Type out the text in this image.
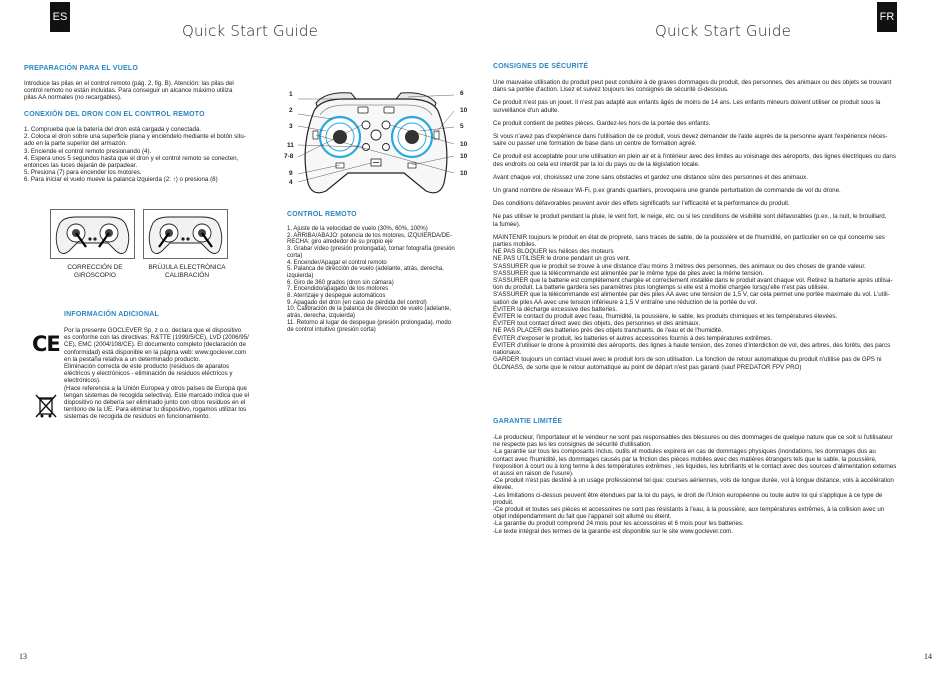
ES
Quick Start Guide
PREPARACIÓN PARA EL VUELO
Introduce las pilas en el control remoto (pág. 2, fig. B). Atención: las pilas del
control remoto no están incluidas. Para conseguir un alcance máximo utiliza
pilas AA normales (no recargables).
CONEXIÓN DEL DRON CON EL CONTROL REMOTO
1. Comprueba que la batería del dron está cargada y conectada.
2. Coloca el dron sobre una superficie plana y enciéndelo mediante el botón situ-
ado en la parte superior del armazón.
3. Enciende el control remoto presionando (4).
4. Espera unos 5 segundos hasta que el dron y el control remoto se conecten,
entonces las luces dejarán de parpadear.
5. Presiona (7) para encender los motores.
6. Para iniciar el vuelo mueve la palanca izquierda (2: ↑) o presiona (8)
CORRECCIÓN DE
GIROSCOPIO
BRÚJULA ELECTRÓNICA
CALIBRACIÓN
INFORMACIÓN ADICIONAL
CE
Por la presente GOCLEVER Sp. z o.o. declara que el dispositivo
es conforme con las directivas: R&TTE (1999/5/CE), LVD (2006/95/
CE), EMC (2004/108/CE). El documento completo (declaración de
conformidad) está disponible en la página web: www.goclever.com
en la pestaña relativa a un determinado producto.
Eliminación correcta de este producto (residuos de aparatos
eléctricos y electrónicos - eliminación de residuos eléctricos y
electrónicos).
(Hace referencia a la Unión Europea y otros países de Europa que
tengan sistemas de recogida selectiva). Este marcado indica que el
dispositivo no debería ser eliminado junto con otros residuos en el
territorio de la UE. Para eliminar tu dispositivo, rogamos utilizar los
sistemas de recogida de residuos en funcionamiento.
13
1
2
3
11
7-8
9
4
6
10
5
10
10
10
CONTROL REMOTO
1. Ajuste de la velocidad de vuelo (30%, 60%, 100%)
2. ARRIBA/ABAJO: potencia de los motores, IZQUIERDA/DE-
RECHA: giro alrededor de su propio eje
3. Grabar vídeo (presión prolongada), tomar fotografía (presión
corta)
4. Encender/Apagar el control remoto
5. Palanca de dirección de vuelo (adelante, atrás, derecha,
izquierda)
6. Giro de 360 grados (dron sin cámara)
7. Encendido/apagado de los motores
8. Aterrizaje y despegue automáticos
9. Apagado del dron (en caso de pérdida del control)
10. Calibración de la palanca de dirección de vuelo (adelante,
atrás, derecha, izquierda)
11. Retorno al lugar de despegue (presión prolongada), modo
de control intuitivo (presión corta)
FR
Quick Start Guide
CONSIGNES DE SÉCURITÉ

Une mauvaise utilisation du produit peut peut conduire à de graves dommages du produit, des personnes, des animaux ou des objets se trouvant
dans sa portée d'action. Lisez et suivez toujours les consignes de sécurité ci-dessous.

Ce produit n'est pas un jouet. Il n'est pas adapté aux enfants âgés de moins de 14 ans. Les enfants mineurs doivent utiliser ce produit sous la
surveillance d'un adulte.

Ce produit contient de petites pièces. Gardez-les hors de la portée des enfants.

Si vous n'avez pas d'expérience dans l'utilisation de ce produit, vous devez demander de l'aide auprès de la personne ayant l'expérience néces-
saire ou passer une formation de base dans un centre de formation agréé.

Ce produit est acceptable pour une utilisation en plein air et à l'intérieur avec des limites au voisinage des aéroports, des lignes électriques ou dans
des endroits où cela est interdit par la loi du pays ou de la législation locale.

Avant chaque vol, choisissez une zone sans obstacles et gardez une distance sûre des personnes et des animaux.

Un grand nombre de réseaux Wi-Fi, p.ex grands quartiers, provoquera une grande perturbation de commande de vol du drone.

Des conditions défavorables peuvent avoir des effets significatifs sur l'efficacité et la performance du produit.

Ne pas utiliser le produit pendant la pluie, le vent fort, le neige, etc. ou si les conditions de visibilité sont défavorables (p.ex., la nuit, le brouillard,
la fumée).

MAINTENIR toujours le produit en état de propreté, sans traces de sable, de la poussière et de l'humidité, en particulier en ce qui concerne ses
parties mobiles.
NE PAS BLOQUER les hélices des moteurs
NE PAS UTILISER le drone pendant un gros vent.
S'ASSURER que le produit se trouve à une distance d'au moins 3 mètres des personnes, des animaux ou des choses de grande valeur.
S'ASSURER que la télécommande est alimentée par le même type de piles avec la même tension.
S'ASSURER que la batterie est complètement chargée et correctement installée dans le produit avant chaque vol. Retirez la batterie après utilisa-
tion du produit. La batterie gardera ses paramètres plus longtemps si elle est à moitié chargée lorsqu'elle n'est pas utilisée.
S'ASSURER que la télécommande est alimentée par des piles AA avec une tension de 1,5 V, car cela permet une portée maximale du vol. L'utili-
sation de piles AA avec une tension inférieure à 1,5 V entraîne une réduction de la portée du vol.
ÉVITER la décharge excessive des batteries.
ÉVITER le contact du produit avec l'eau, l'humidité, la poussière, le sable, les produits chimiques et les températures élevées.
ÉVITER tout contact direct avec des objets, des personnes et des animaux.
NE PAS PLACER des batteries près des objets tranchants, de l'eau et de l'humidité.
ÉVITER d'exposer le produit, les batteries et autres accessoires fournis à des températures extrêmes.
ÉVITER d'utiliser le drone à proximité des aéroports, des lignes à haute tension, des zones d'interdiction de vol, des arbres, des forêts, des parcs
nationaux.
GARDER toujours un contact visuel avec le produit lors de son utilisation. La fonction de retour automatique du produit n'utilise pas de GPS ni
GLONASS, de sorte que le retour automatique au point de départ n'est pas garanti (sauf PREDATOR FPV PRO)
GARANTIE LIMITÉE
-Le producteur, l'importateur et le vendeur ne sont pas responsables des blessures ou des dommages de quelque nature que ce soit si l'utilisateur
ne respecte pas les les consignes de sécurité d'utilisation.
-La garantie sur tous les composants inclus, outils et modules expirera en cas de dommages physiques (inondations, les dommages dus au
contact avec l'humidité, les dommages causés par la friction des pièces mobiles avec des matières étrangers tels que le sable, la poussière,
l'exposition à court ou à long terme à des températures extrêmes , les liquides, les lubrifiants et le contact avec des sources d'alimentation externes
et aussi en raison de l'usure).
-Ce produit n'est pas destiné à un usage professionnel tel que: courses aériennes, vols de longue durée, vol à longue distance, vols à accélération
élevée.
-Les limitations ci-dessus peuvent être étendues par la loi du pays, le droit de l'Union européenne ou toute autre loi qui s'applique à ce type de
produit.
-Ce produit et toutes ses pièces et accessoires ne sont pas résistants à l'eau, à la poussière, aux températures extrêmes, à la collision avec un
objet indépendamment du fait que l'appareil soit allumé ou éteint.
-La garantie du produit comprend 24 mois pour les accessoires et 6 mois pour les batteries.
-Le texte intégral des termes de la garantie est disponible sur le site www.goclever.com.
14
